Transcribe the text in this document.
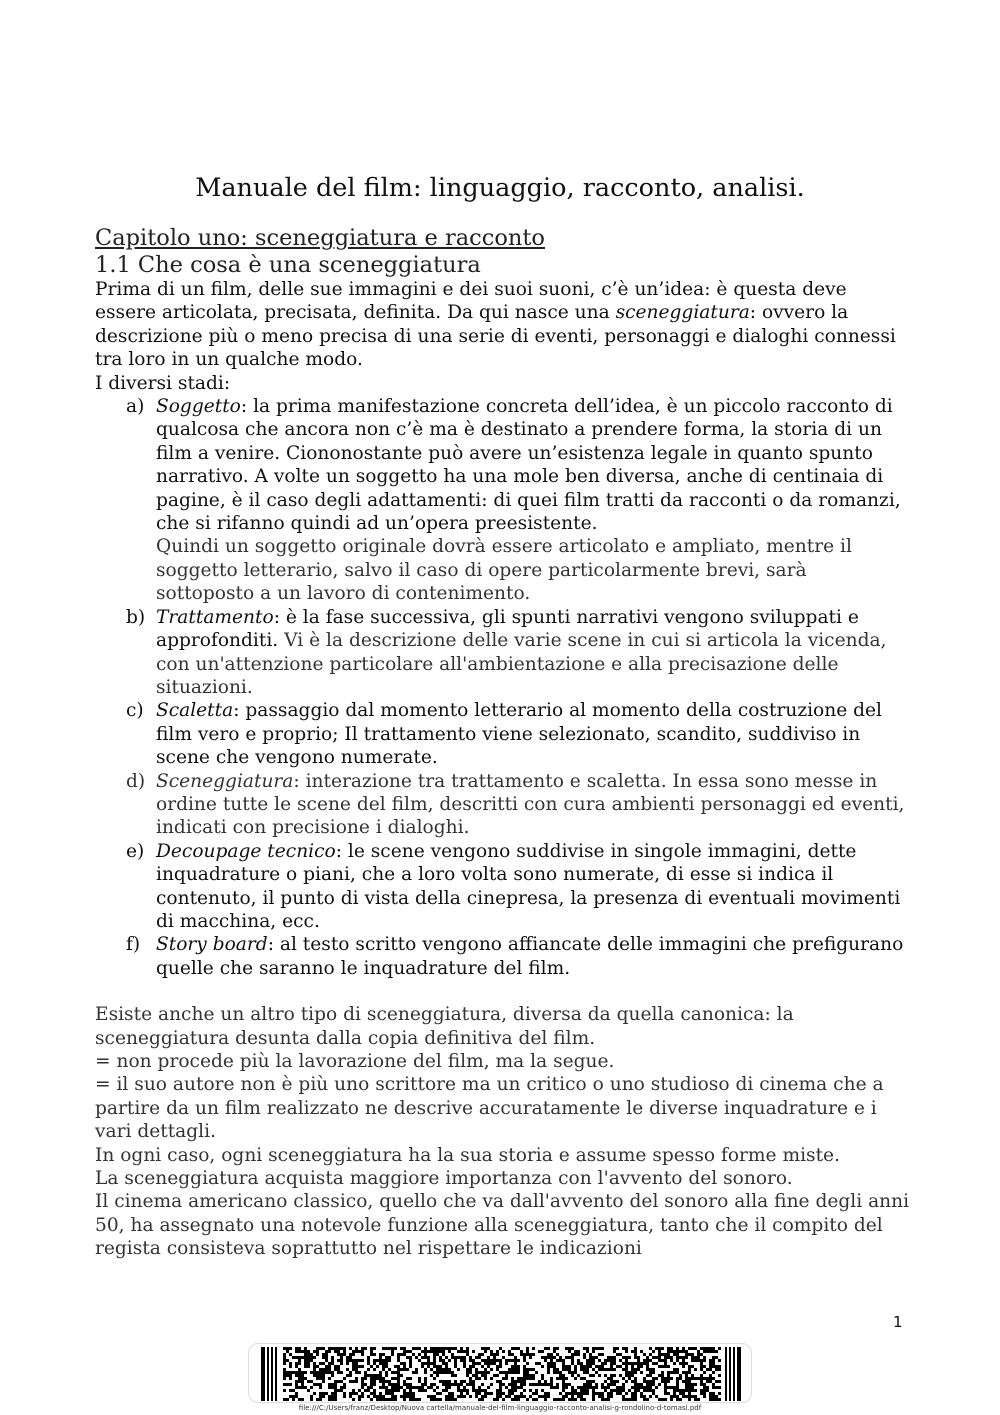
Manuale del film: linguaggio, racconto, analisi.
Capitolo uno: sceneggiatura e racconto
1.1 Che cosa è una sceneggiatura

Prima di un film, delle sue immagini e dei suoi suoni, c’è un’idea: è questa deve essere articolata, precisata, definita. Da qui nasce una sceneggiatura: ovvero la descrizione più o meno precisa di una serie di eventi, personaggi e dialoghi connessi tra loro in un qualche modo.

I diversi stadi:
a) Soggetto: la prima manifestazione concreta dell’idea, è un piccolo racconto di qualcosa che ancora non c’è ma è destinato a prendere forma, la storia di un film a venire. Ciononostante può avere un’esistenza legale in quanto spunto narrativo. A volte un soggetto ha una mole ben diversa, anche di centinaia di pagine, è il caso degli adattamenti: di quei film tratti da racconti o da romanzi, che si rifanno quindi ad un’opera preesistente.
Quindi un soggetto originale dovrà essere articolato e ampliato, mentre il soggetto letterario, salvo il caso di opere particolarmente brevi, sarà sottoposto a un lavoro di contenimento.
b) Trattamento: è la fase successiva, gli spunti narrativi vengono sviluppati e approfonditi. Vi è la descrizione delle varie scene in cui si articola la vicenda, con un'attenzione particolare all'ambientazione e alla precisazione delle situazioni.
c) Scaletta: passaggio dal momento letterario al momento della costruzione del film vero e proprio; Il trattamento viene selezionato, scandito, suddiviso in scene che vengono numerate.
d) Sceneggiatura: interazione tra trattamento e scaletta. In essa sono messe in ordine tutte le scene del film, descritti con cura ambienti personaggi ed eventi, indicati con precisione i dialoghi.
e) Decoupage tecnico: le scene vengono suddivise in singole immagini, dette inquadrature o piani, che a loro volta sono numerate, di esse si indica il contenuto, il punto di vista della cinepresa, la presenza di eventuali movimenti di macchina, ecc.
f) Story board: al testo scritto vengono affiancate delle immagini che prefigurano quelle che saranno le inquadrature del film.
Esiste anche un altro tipo di sceneggiatura, diversa da quella canonica: la sceneggiatura desunta dalla copia definitiva del film.
= non procede più la lavorazione del film, ma la segue.
= il suo autore non è più uno scrittore ma un critico o uno studioso di cinema che a partire da un film realizzato ne descrive accuratamente le diverse inquadrature e i vari dettagli.
In ogni caso, ogni sceneggiatura ha la sua storia e assume spesso forme miste.
La sceneggiatura acquista maggiore importanza con l'avvento del sonoro.
Il cinema americano classico, quello che va dall'avvento del sonoro alla fine degli anni 50, ha assegnato una notevole funzione alla sceneggiatura, tanto che il compito del regista consisteva soprattutto nel rispettare le indicazioni
1
file:///C:/Users/franz/Desktop/Nuova cartella/manuale-del-film-linguaggio-racconto-analisi-g-rondolino-d-tomasi.pdf
